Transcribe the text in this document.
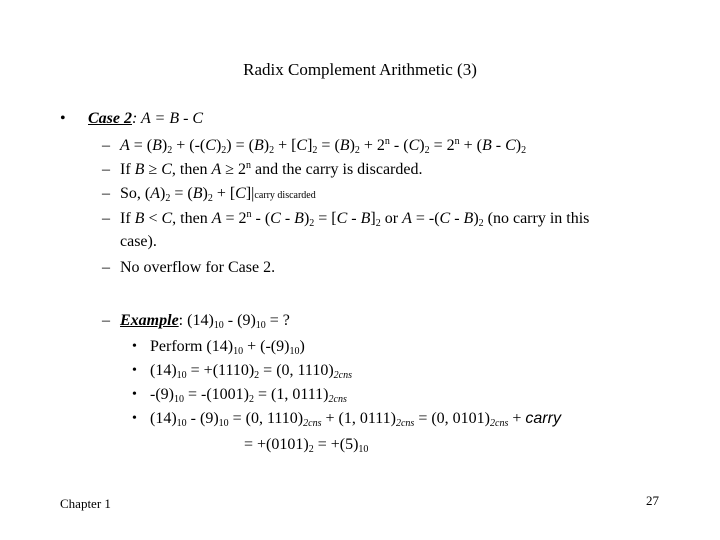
Radix Complement Arithmetic (3)
• Case 2: A = B - C
– $A = (B)_2 + (-(C)_2) = (B)_2 + [C]_2 = (B)_2 + 2^n - (C)_2 = 2^n + (B - C)_2$
– If B ≥ C, then $A \ge 2^n$ and the carry is discarded.
– So, $(A)_2 = (B)_2$ + [C]|carry discarded
– If B < C, then $A = 2^n - (C - B)_2 = [C - B]_2$ or $A = -(C - B)_2$ (no carry in this
case).
– No overflow for Case 2.
– Example: $(14)_{10} - (9)_{10}$ = ?
• Perform $(14)_{10} + (-(9)_{10})$
• $(14)_{10} = +(1110)_2 = (0$, $1110)_{2cns}$
• $-(9)_{10} = -(1001)_2 = (1$, $0111)_{2cns}$
• $(14)_{10} - (9)_{10} = (0$, $1110)_{2cns} + (1$, $0111)_{2cns} = (0$, $0101)_{2cns}$ + carry
= $+(0101)_2 = +(5)_{10}$
Chapter 1	27
